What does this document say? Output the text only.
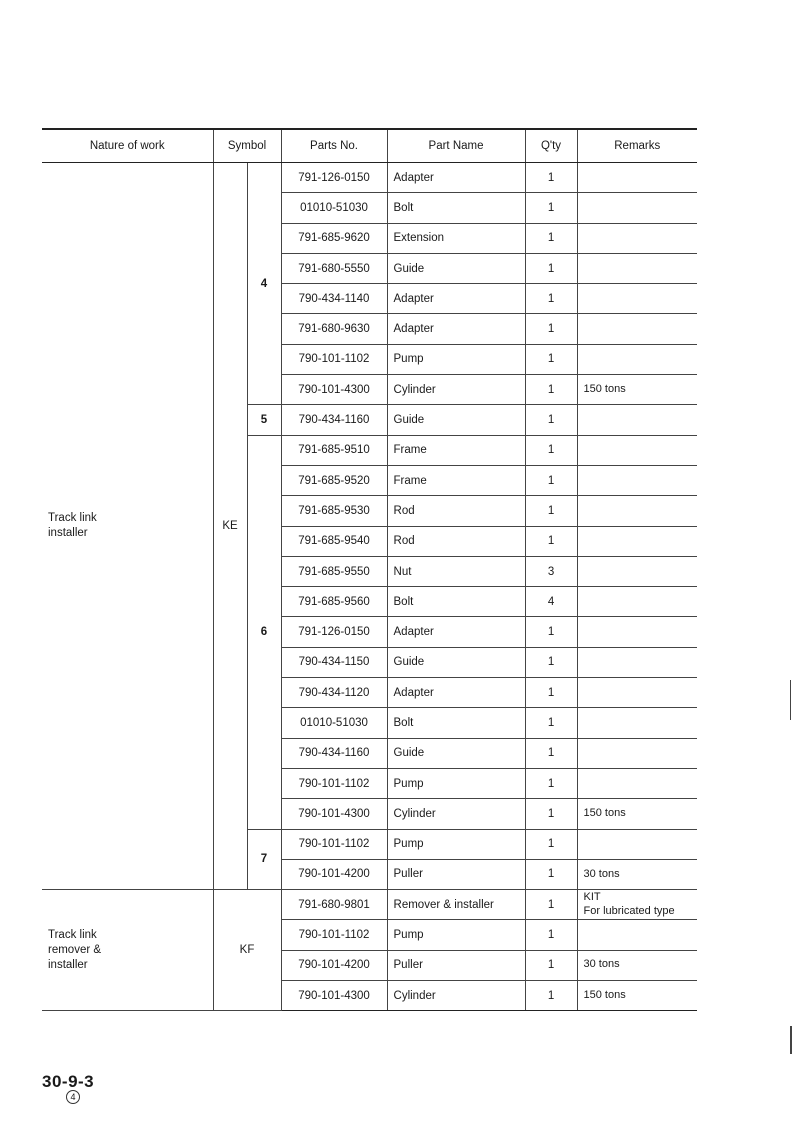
Nature of work	Symbol		Parts No.	Part Name	Q'ty	Remarks
Track link
installer	KE	4	791-126-0150	Adapter	1	
			01010-51030	Bolt	1	
			791-685-9620	Extension	1	
			791-680-5550	Guide	1	
			790-434-1140	Adapter	1	
			791-680-9630	Adapter	1	
			790-101-1102	Pump	1	
			790-101-4300	Cylinder	1	150 tons
		5	790-434-1160	Guide	1	
		6	791-685-9510	Frame	1	
			791-685-9520	Frame	1	
			791-685-9530	Rod	1	
			791-685-9540	Rod	1	
			791-685-9550	Nut	3	
			791-685-9560	Bolt	4	
			791-126-0150	Adapter	1	
			790-434-1150	Guide	1	
			790-434-1120	Adapter	1	
			01010-51030	Bolt	1	
			790-434-1160	Guide	1	
			790-101-1102	Pump	1	
			790-101-4300	Cylinder	1	150 tons
		7	790-101-1102	Pump	1	
			790-101-4200	Puller	1	30 tons
Track link
remover &
installer	KF		791-680-9801	Remover & installer	1	KIT
For lubricated type
			790-101-1102	Pump	1	
			790-101-4200	Puller	1	30 tons
			790-101-4300	Cylinder	1	150 tons
30-9-3
4
